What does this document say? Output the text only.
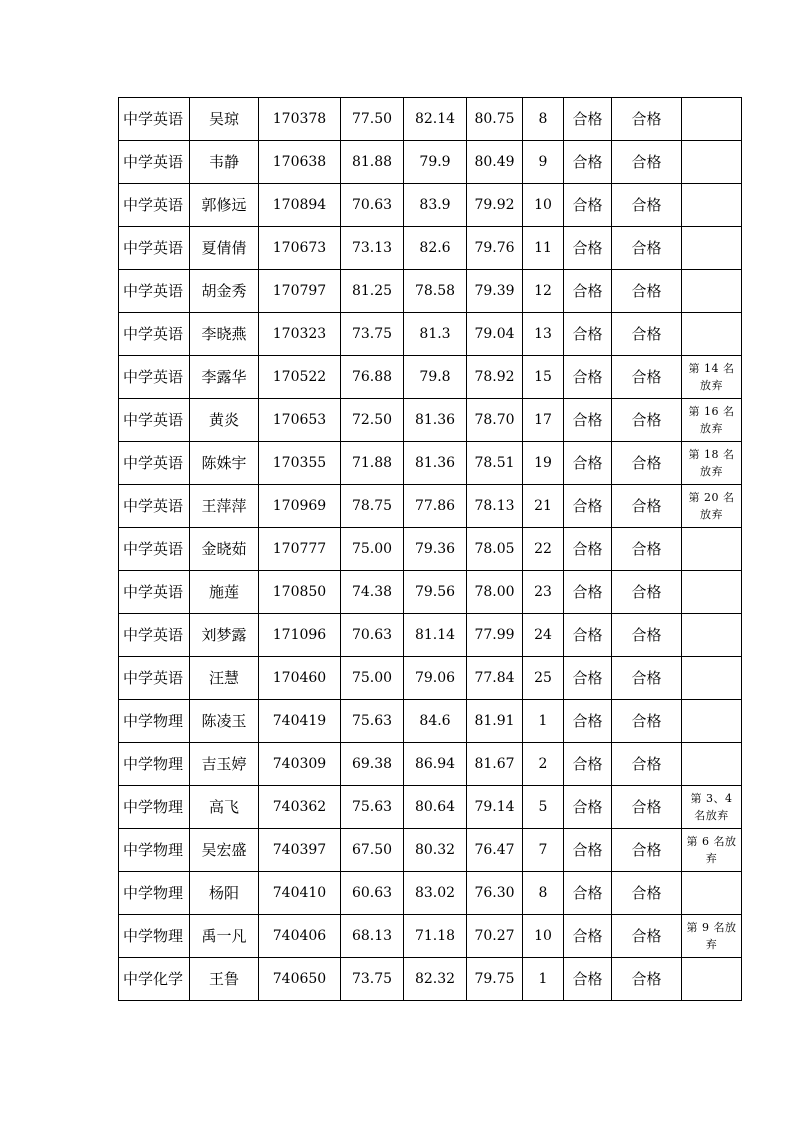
中学英语	吴琼	170378	77.50	82.14	80.75	8	合格	合格	
中学英语	韦静	170638	81.88	79.9	80.49	9	合格	合格	
中学英语	郭修远	170894	70.63	83.9	79.92	10	合格	合格	
中学英语	夏倩倩	170673	73.13	82.6	79.76	11	合格	合格	
中学英语	胡金秀	170797	81.25	78.58	79.39	12	合格	合格	
中学英语	李晓燕	170323	73.75	81.3	79.04	13	合格	合格	
中学英语	李露华	170522	76.88	79.8	78.92	15	合格	合格	第 14 名放弃
中学英语	黄炎	170653	72.50	81.36	78.70	17	合格	合格	第 16 名放弃
中学英语	陈姝宇	170355	71.88	81.36	78.51	19	合格	合格	第 18 名放弃
中学英语	王萍萍	170969	78.75	77.86	78.13	21	合格	合格	第 20 名放弃
中学英语	金晓茹	170777	75.00	79.36	78.05	22	合格	合格	
中学英语	施莲	170850	74.38	79.56	78.00	23	合格	合格	
中学英语	刘梦露	171096	70.63	81.14	77.99	24	合格	合格	
中学英语	汪慧	170460	75.00	79.06	77.84	25	合格	合格	
中学物理	陈凌玉	740419	75.63	84.6	81.91	1	合格	合格	
中学物理	吉玉婷	740309	69.38	86.94	81.67	2	合格	合格	
中学物理	高飞	740362	75.63	80.64	79.14	5	合格	合格	第 3、4 名放弃
中学物理	吴宏盛	740397	67.50	80.32	76.47	7	合格	合格	第 6 名放弃
中学物理	杨阳	740410	60.63	83.02	76.30	8	合格	合格	
中学物理	禹一凡	740406	68.13	71.18	70.27	10	合格	合格	第 9 名放弃
中学化学	王鲁	740650	73.75	82.32	79.75	1	合格	合格	
